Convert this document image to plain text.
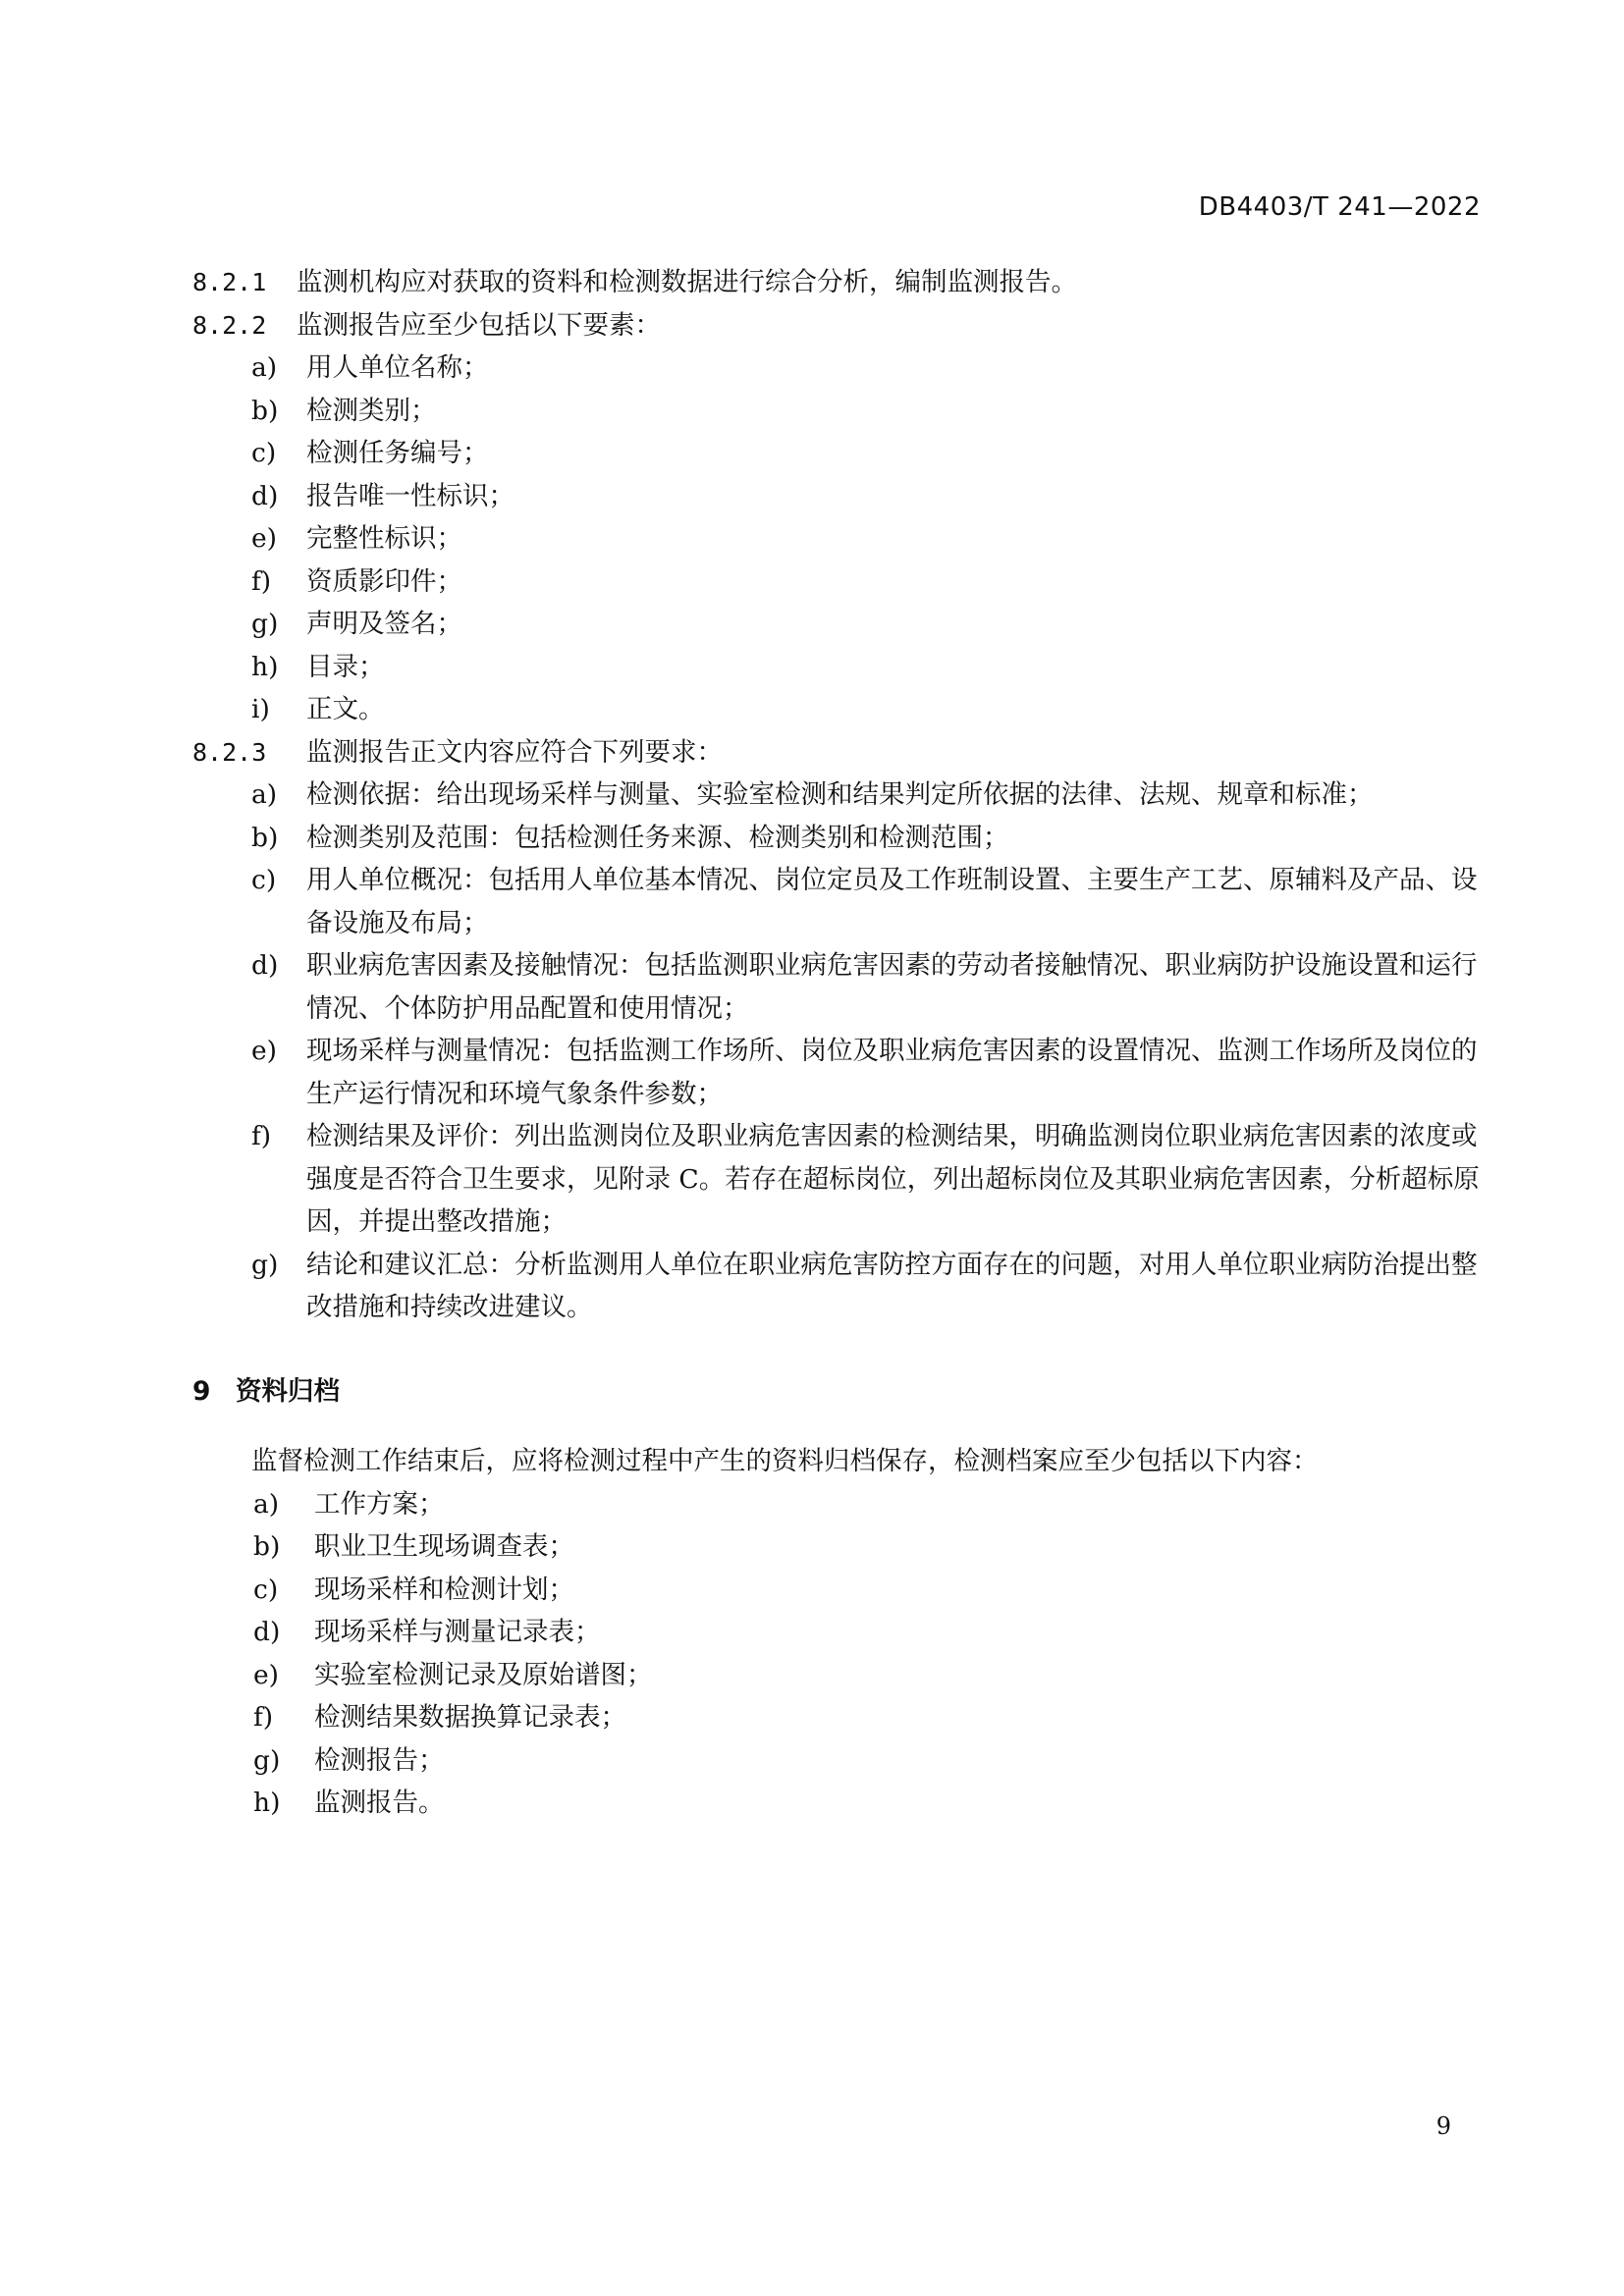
DB4403/T 241—2022
8.2.1	监测机构应对获取的资料和检测数据进行综合分析，编制监测报告。
8.2.2	监测报告应至少包括以下要素：
a)	用人单位名称；
b)	检测类别；
c)	检测任务编号；
d)	报告唯一性标识；
e)	完整性标识；
f)	资质影印件；
g)	声明及签名；
h)	目录；
i)	正文。
8.2.3	监测报告正文内容应符合下列要求：
a)	检测依据：给出现场采样与测量、实验室检测和结果判定所依据的法律、法规、规章和标准；
b)	检测类别及范围：包括检测任务来源、检测类别和检测范围；
c)	用人单位概况：包括用人单位基本情况、岗位定员及工作班制设置、主要生产工艺、原辅料及产品、设备设施及布局；
d)	职业病危害因素及接触情况：包括监测职业病危害因素的劳动者接触情况、职业病防护设施设置和运行情况、个体防护用品配置和使用情况；
e)	现场采样与测量情况：包括监测工作场所、岗位及职业病危害因素的设置情况、监测工作场所及岗位的生产运行情况和环境气象条件参数；
f)	检测结果及评价：列出监测岗位及职业病危害因素的检测结果，明确监测岗位职业病危害因素的浓度或强度是否符合卫生要求，见附录 C。若存在超标岗位，列出超标岗位及其职业病危害因素，分析超标原因，并提出整改措施；
g)	结论和建议汇总：分析监测用人单位在职业病危害防控方面存在的问题，对用人单位职业病防治提出整改措施和持续改进建议。
9 资料归档
监督检测工作结束后，应将检测过程中产生的资料归档保存，检测档案应至少包括以下内容：
a)	工作方案；
b)	职业卫生现场调查表；
c)	现场采样和检测计划；
d)	现场采样与测量记录表；
e)	实验室检测记录及原始谱图；
f)	检测结果数据换算记录表；
g)	检测报告；
h)	监测报告。
9
